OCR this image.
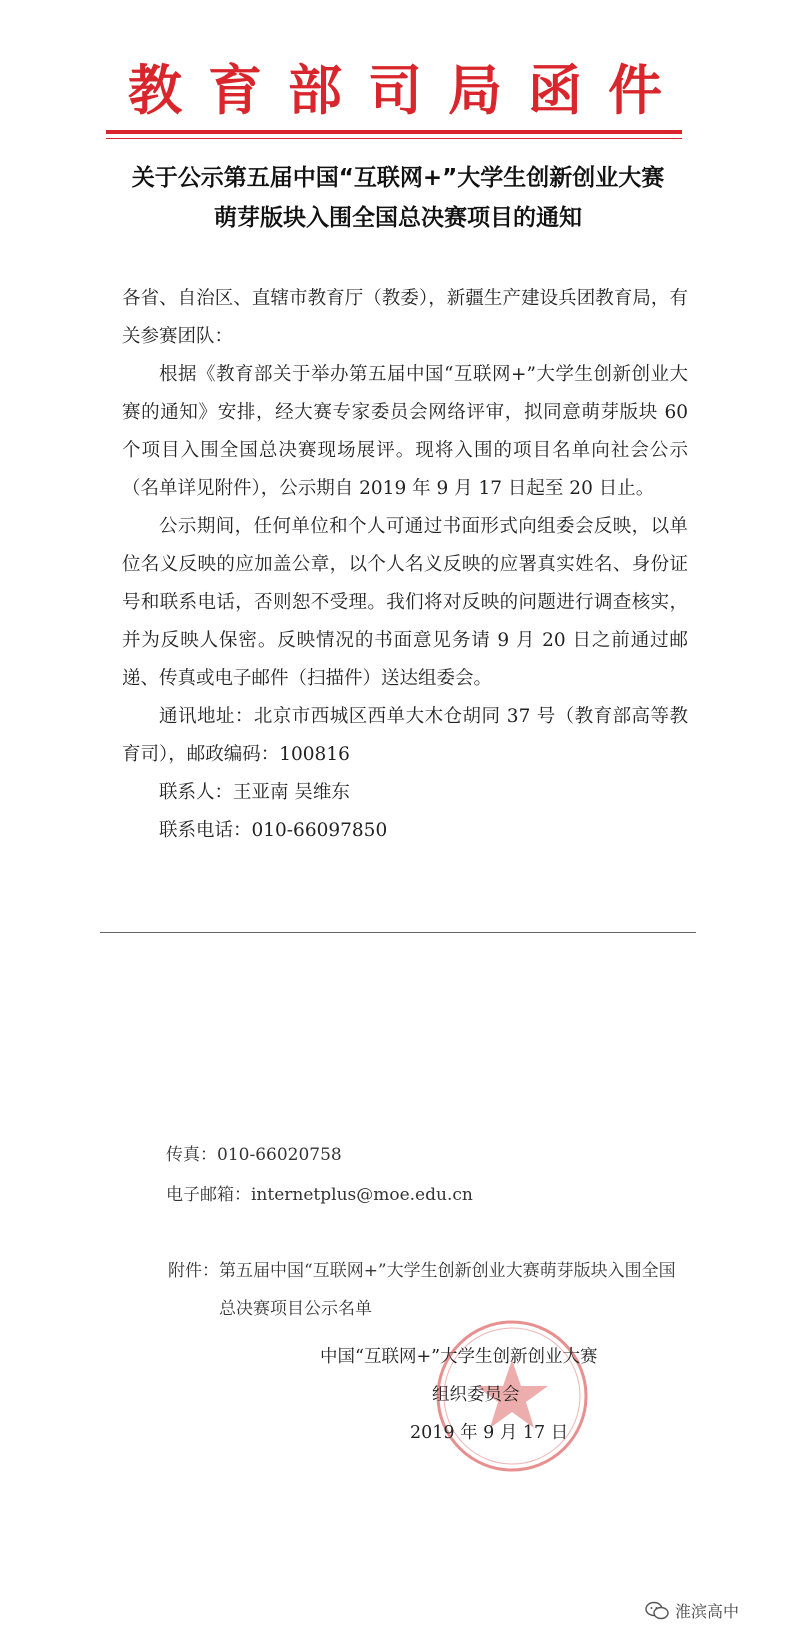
教育部司局函件
关于公示第五届中国“互联网+”大学生创新创业大赛
萌芽版块入围全国总决赛项目的通知

各省、自治区、直辖市教育厅（教委），新疆生产建设兵团教育局，有关参赛团队：

根据《教育部关于举办第五届中国“互联网+”大学生创新创业大赛的通知》安排，经大赛专家委员会网络评审，拟同意萌芽版块 60 个项目入围全国总决赛现场展评。现将入围的项目名单向社会公示（名单详见附件），公示期自 2019 年 9 月 17 日起至 20 日止。

公示期间，任何单位和个人可通过书面形式向组委会反映，以单位名义反映的应加盖公章，以个人名义反映的应署真实姓名、身份证号和联系电话，否则恕不受理。我们将对反映的问题进行调查核实，并为反映人保密。反映情况的书面意见务请 9 月 20 日之前通过邮递、传真或电子邮件（扫描件）送达组委会。

通讯地址：北京市西城区西单大木仓胡同 37 号（教育部高等教育司），邮政编码：100816

联系人：王亚南 吴维东

联系电话：010-66097850

传真：010-66020758
电子邮箱：internetplus@moe.edu.cn
附件： 第五届中国“互联网+”大学生创新创业大赛萌芽版块入围全国总决赛项目公示名单
中国“互联网+”大学生创新创业大赛
组织委员会
2019 年 9 月 17 日
淮滨高中
